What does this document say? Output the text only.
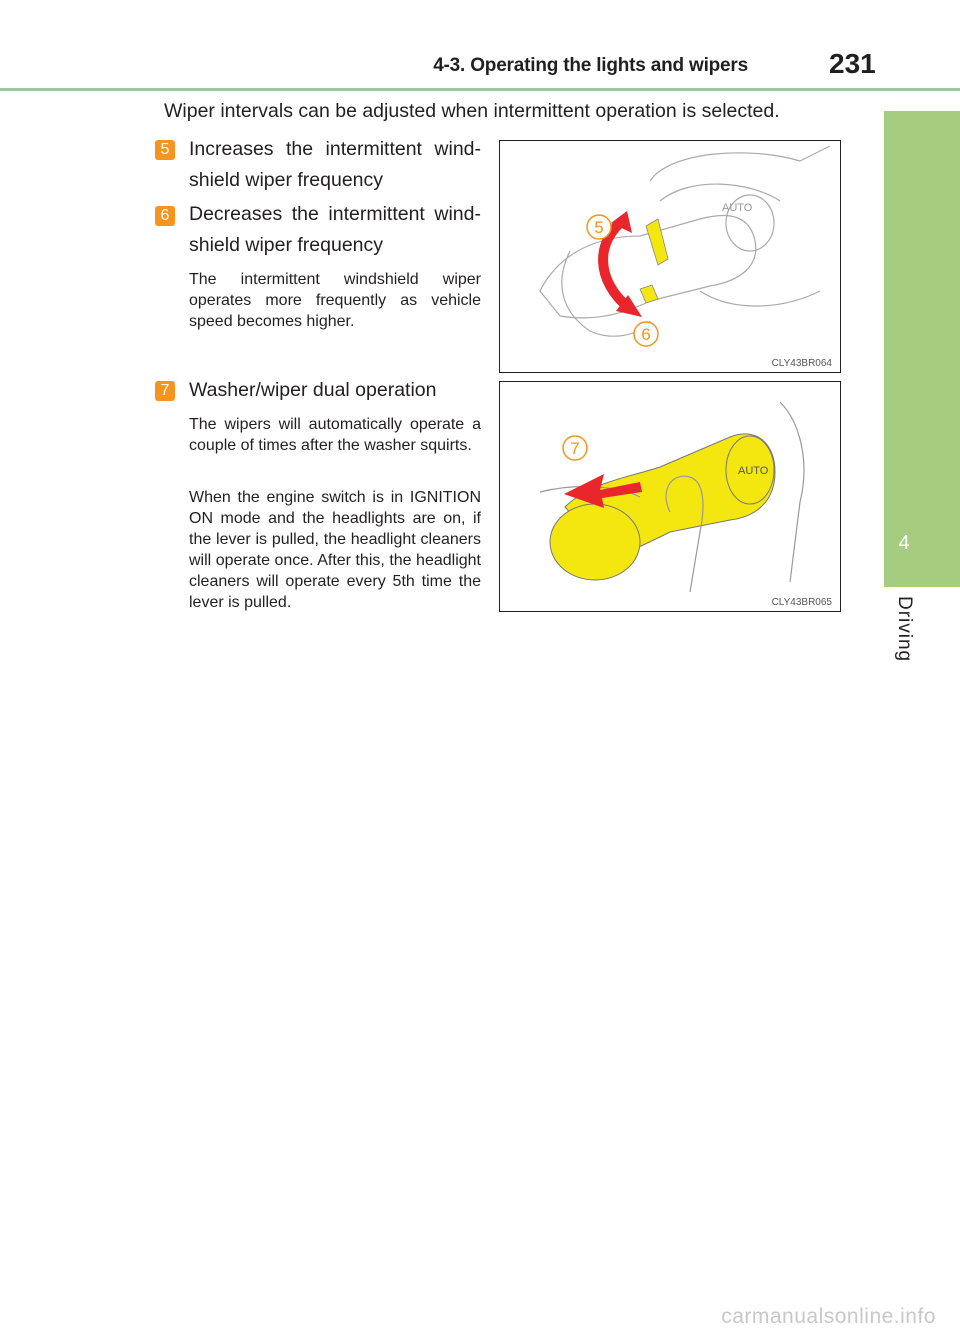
4-3. Operating the lights and wipers	231
4
Driving
Wiper intervals can be adjusted when intermittent operation is selected.
5 Increases the intermittent wind-shield wiper frequency
6 Decreases the intermittent wind-shield wiper frequency
The intermittent windshield wiper operates more frequently as vehicle speed becomes higher.
7 Washer/wiper dual operation
The wipers will automatically operate a couple of times after the washer squirts.
When the engine switch is in IGNITION ON mode and the headlights are on, if the lever is pulled, the headlight cleaners will operate once. After this, the headlight cleaners will operate every 5th time the lever is pulled.
AUTO
5
6
CLY43BR064
AUTO
7
CLY43BR065
carmanualsonline.info
